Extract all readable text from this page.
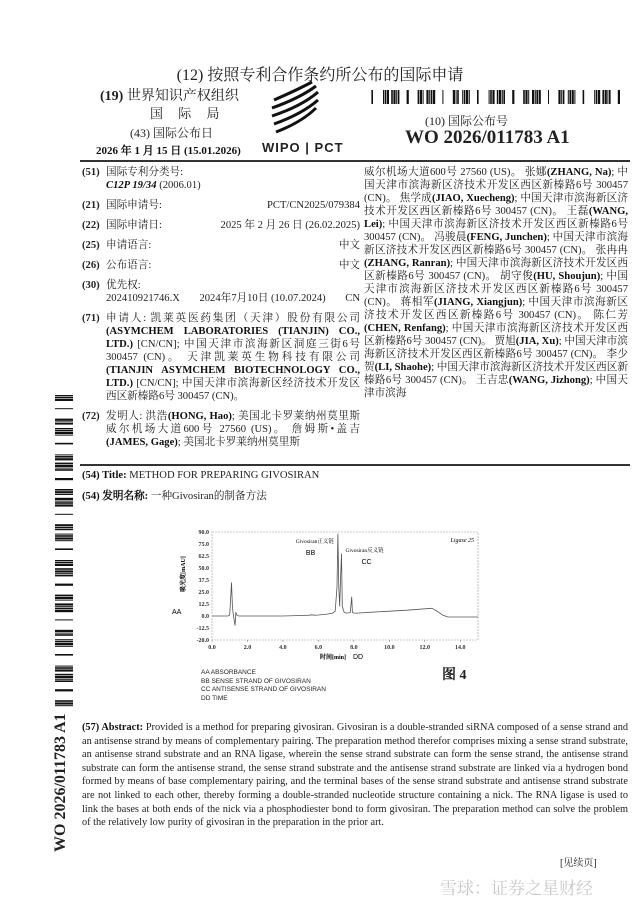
(12) 按照专利合作条约所公布的国际申请
(19) 世界知识产权组织
国 际 局
(43) 国际公布日
2026 年 1 月 15 日 (15.01.2026) WIPO | PCT
(10) 国际公布号
WO 2026/011783 A1
(51) 国际专利分类号:
C12P 19/34 (2006.01)
(21) 国际申请号:	PCT/CN2025/079384
(22) 国际申请日:	2025 年 2 月 26 日 (26.02.2025)
(25) 申请语言:	中文
(26) 公布语言:	中文
(30) 优先权:
202410921746.X 2024年7月10日 (10.07.2024) CN
(71) 申请人: 凯莱英医药集团（天津）股份有限公司 (ASYMCHEM LABORATORIES (TIANJIN) CO., LTD.) [CN/CN]; 中国天津市滨海新区洞庭三街6号 300457 (CN)。 天津凯莱英生物科技有限公司(TIANJIN ASYMCHEM BIOTECHNOLOGY CO., LTD.) [CN/CN]; 中国天津市滨海新区经济技术开发区西区新榛路6号 300457 (CN)。
(72) 发明人: 洪浩(HONG, Hao); 美国北卡罗莱纳州莫里斯威尔机场大道600号 27560 (US)。 詹姆斯•盖吉(JAMES, Gage); 美国北卡罗莱纳州莫里斯
威尔机场大道600号 27560 (US)。 张娜(ZHANG, Na); 中国天津市滨海新区济技术开发区西区新榛路6号 300457 (CN)。 焦学成(JIAO, Xuecheng); 中国天津市滨海新区济技术开发区西区新榛路6号 300457 (CN)。 王磊(WANG, Lei); 中国天津市滨海新区济技术开发区西区新榛路6号 300457 (CN)。 冯骏晨(FENG, Junchen); 中国天津市滨海新区济技术开发区西区新榛路6号 300457 (CN)。 张冉冉(ZHANG, Ranran); 中国天津市滨海新区济技术开发区西区新榛路6号 300457 (CN)。 胡守俊(HU, Shoujun); 中国天津市滨海新区济技术开发区西区新榛路6号 300457 (CN)。 蒋相军(JIANG, Xiangjun); 中国天津市滨海新区济技术开发区西区新榛路6号 300457 (CN)。 陈仁芳(CHEN, Renfang); 中国天津市滨海新区济技术开发区西区新榛路6号 300457 (CN)。 贾旭(JIA, Xu); 中国天津市滨海新区济技术开发区西区新榛路6号 300457 (CN)。 李少贺(LI, Shaohe); 中国天津市滨海新区济技术开发区西区新榛路6号 300457 (CN)。 王吉忠(WANG, Jizhong); 中国天津市滨海
(54) Title: METHOD FOR PREPARING GIVOSIRAN
(54) 发明名称: 一种Givosiran的制备方法
0.0	2.0	4.0	6.0	8.0	10.0	12.0	14.0
90.0
75.0
62.5
50.0
37.5
25.0
12.5
0.0
-12.5
-20.0
Ligase 25
Givosiran正义链
BB	Givosiran反义链
CC
吸光度[mAU]
AA
时间[min] DD
AA ABSORBANCE
BB SENSE STRAND OF GIVOSIRAN
CC ANTISENSE STRAND OF GIVOSIRAN
DD TIME
图 4
(57) Abstract: Provided is a method for preparing givosiran. Givosiran is a double-stranded siRNA composed of a sense strand and an antisense strand by means of complementary pairing. The preparation method therefor comprises mixing a sense strand substrate, an antisense strand substrate and an RNA ligase, wherein the sense strand substrate can form the sense strand, the antisense strand substrate can form the antisense strand, the sense strand substrate and the antisense strand substrate are linked via a hydrogen bond formed by means of base complementary pairing, and the terminal bases of the sense strand substrate and antisense strand substrate are not linked to each other, thereby forming a double-stranded nucleotide structure containing a nick. The RNA ligase is used to link the bases at both ends of the nick via a phosphodiester bond to form givosiran. The preparation method can solve the problem of the relatively low purity of givosiran in the preparation in the prior art.
WO 2026/011783 A1
雪球：证券之星财经
[见续页]
